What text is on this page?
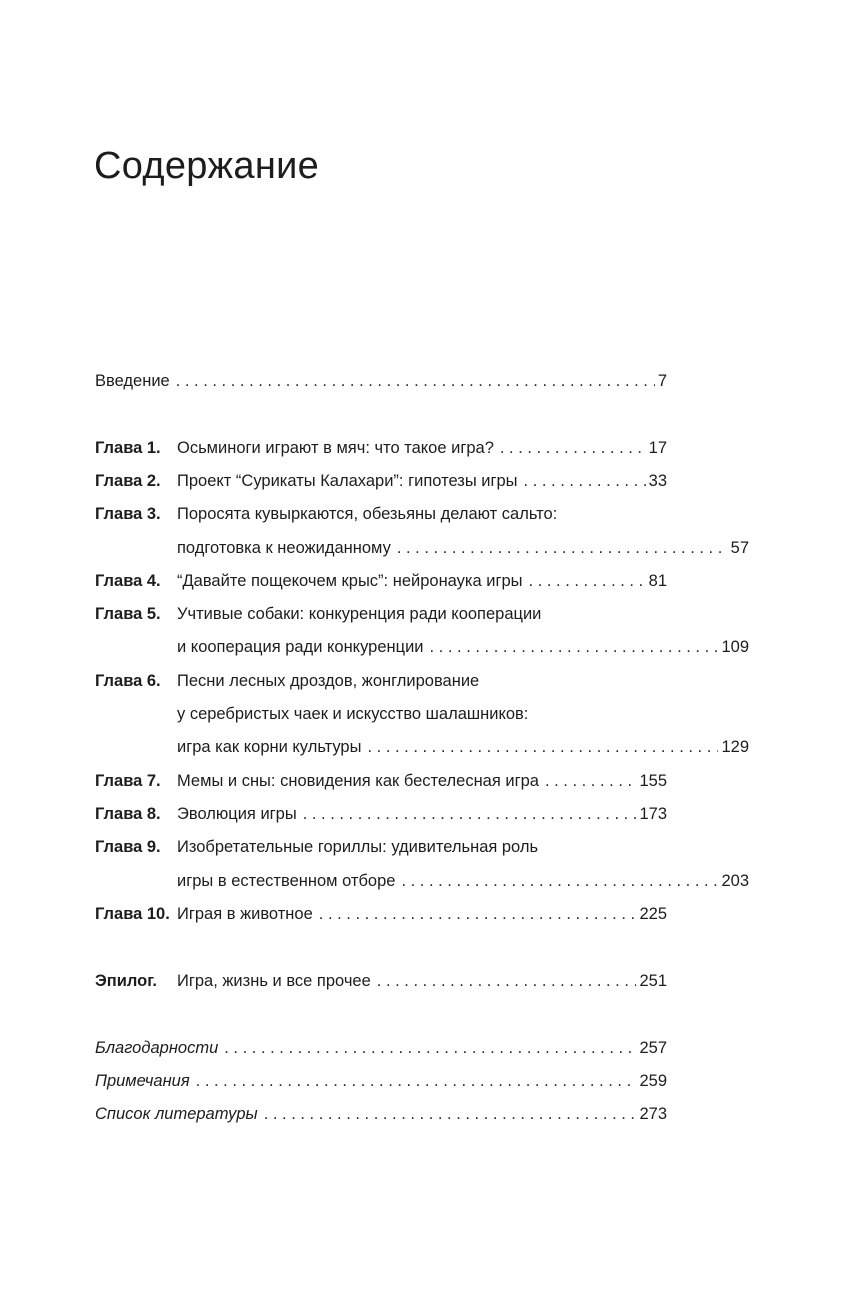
Содержание
Введение . . .	7
Глава 1. Осьминоги играют в мяч: что такое игра? . . .	17
Глава 2. Проект “Сурикаты Калахари”: гипотезы игры . . .	33
Глава 3. Поросята кувыркаются, обезьяны делают сальто:
подготовка к неожиданному . . .	57
Глава 4. “Давайте пощекочем крыс”: нейронаука игры . . .	81
Глава 5. Учтивые собаки: конкуренция ради кооперации
и кооперация ради конкуренции . . .	109
Глава 6. Песни лесных дроздов, жонглирование
у серебристых чаек и искусство шалашников:
игра как корни культуры . . .	129
Глава 7. Мемы и сны: сновидения как бестелесная игра . . .	155
Глава 8. Эволюция игры . . .	173
Глава 9. Изобретательные гориллы: удивительная роль
игры в естественном отборе . . .	203
Глава 10. Играя в животное . . .	225
Эпилог.	Игра, жизнь и все прочее . . .	251
Благодарности . . .	257
Примечания . . .	259
Список литературы . . .	273
